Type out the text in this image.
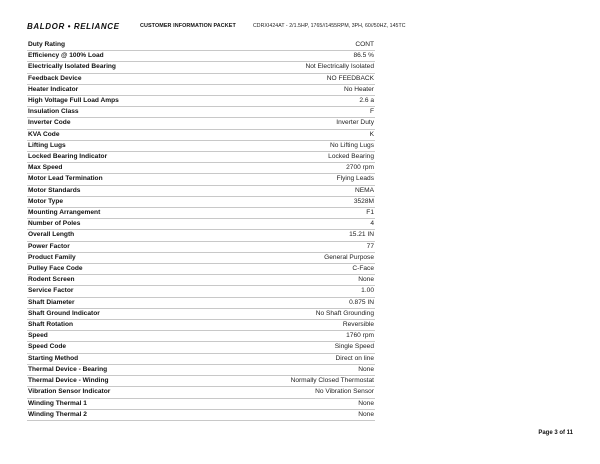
BALDOR • RELIANCE	CUSTOMER INFORMATION PACKET	CDRXI424AT - 2/1.5HP, 1765//1455RPM, 3PH, 60//50HZ, 145TC
Duty Rating	CONT
Efficiency @ 100% Load	86.5 %
Electrically Isolated Bearing	Not Electrically Isolated
Feedback Device	NO FEEDBACK
Heater Indicator	No Heater
High Voltage Full Load Amps	2.6 a
Insulation Class	F
Inverter Code	Inverter Duty
KVA Code	K
Lifting Lugs	No Lifting Lugs
Locked Bearing Indicator	Locked Bearing
Max Speed	2700 rpm
Motor Lead Termination	Flying Leads
Motor Standards	NEMA
Motor Type	3528M
Mounting Arrangement	F1
Number of Poles	4
Overall Length	15.21 IN
Power Factor	77
Product Family	General Purpose
Pulley Face Code	C-Face
Rodent Screen	None
Service Factor	1.00
Shaft Diameter	0.875 IN
Shaft Ground Indicator	No Shaft Grounding
Shaft Rotation	Reversible
Speed	1760 rpm
Speed Code	Single Speed
Starting Method	Direct on line
Thermal Device - Bearing	None
Thermal Device - Winding	Normally Closed Thermostat
Vibration Sensor Indicator	No Vibration Sensor
Winding Thermal 1	None
Winding Thermal 2	None
Page 3 of 11
